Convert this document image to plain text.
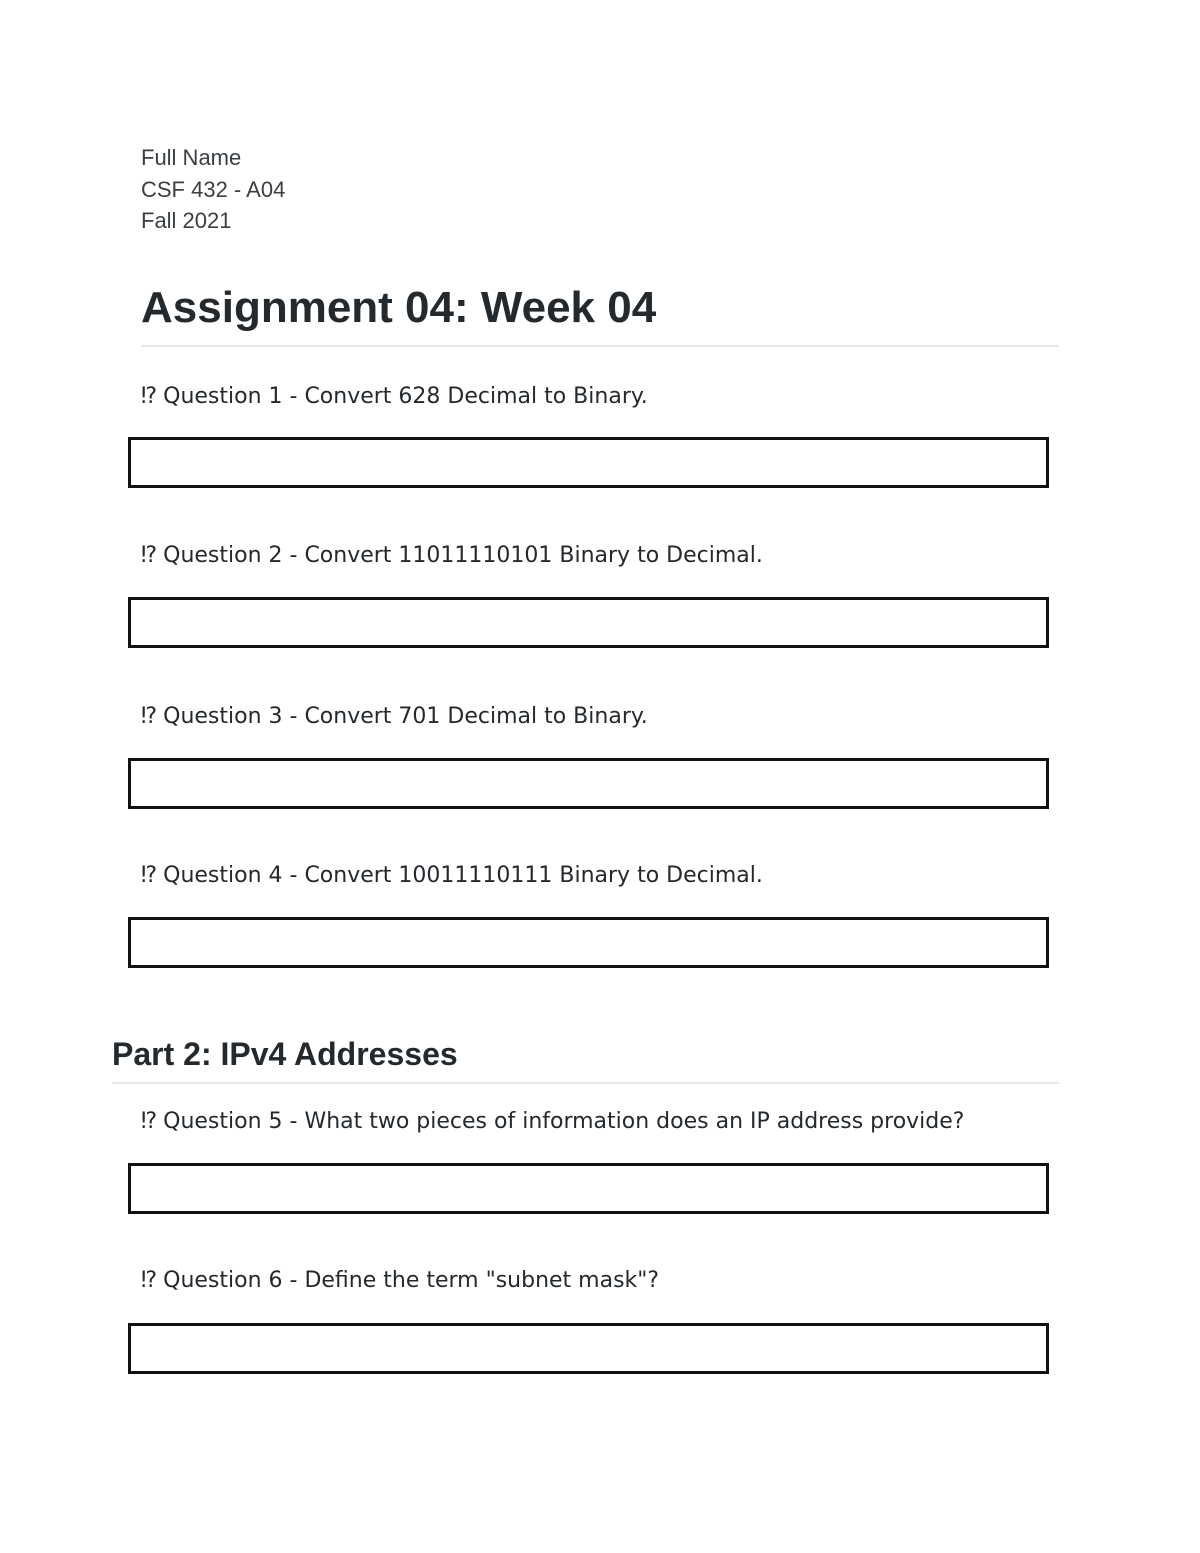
Full Name
CSF 432 - A04
Fall 2021
Assignment 04: Week 04
⁉ Question 1 - Convert 628 Decimal to Binary.
⁉ Question 2 - Convert 11011110101 Binary to Decimal.
⁉ Question 3 - Convert 701 Decimal to Binary.
⁉ Question 4 - Convert 10011110111 Binary to Decimal.
Part 2: IPv4 Addresses
⁉ Question 5 - What two pieces of information does an IP address provide?
⁉ Question 6 - Define the term "subnet mask"?
